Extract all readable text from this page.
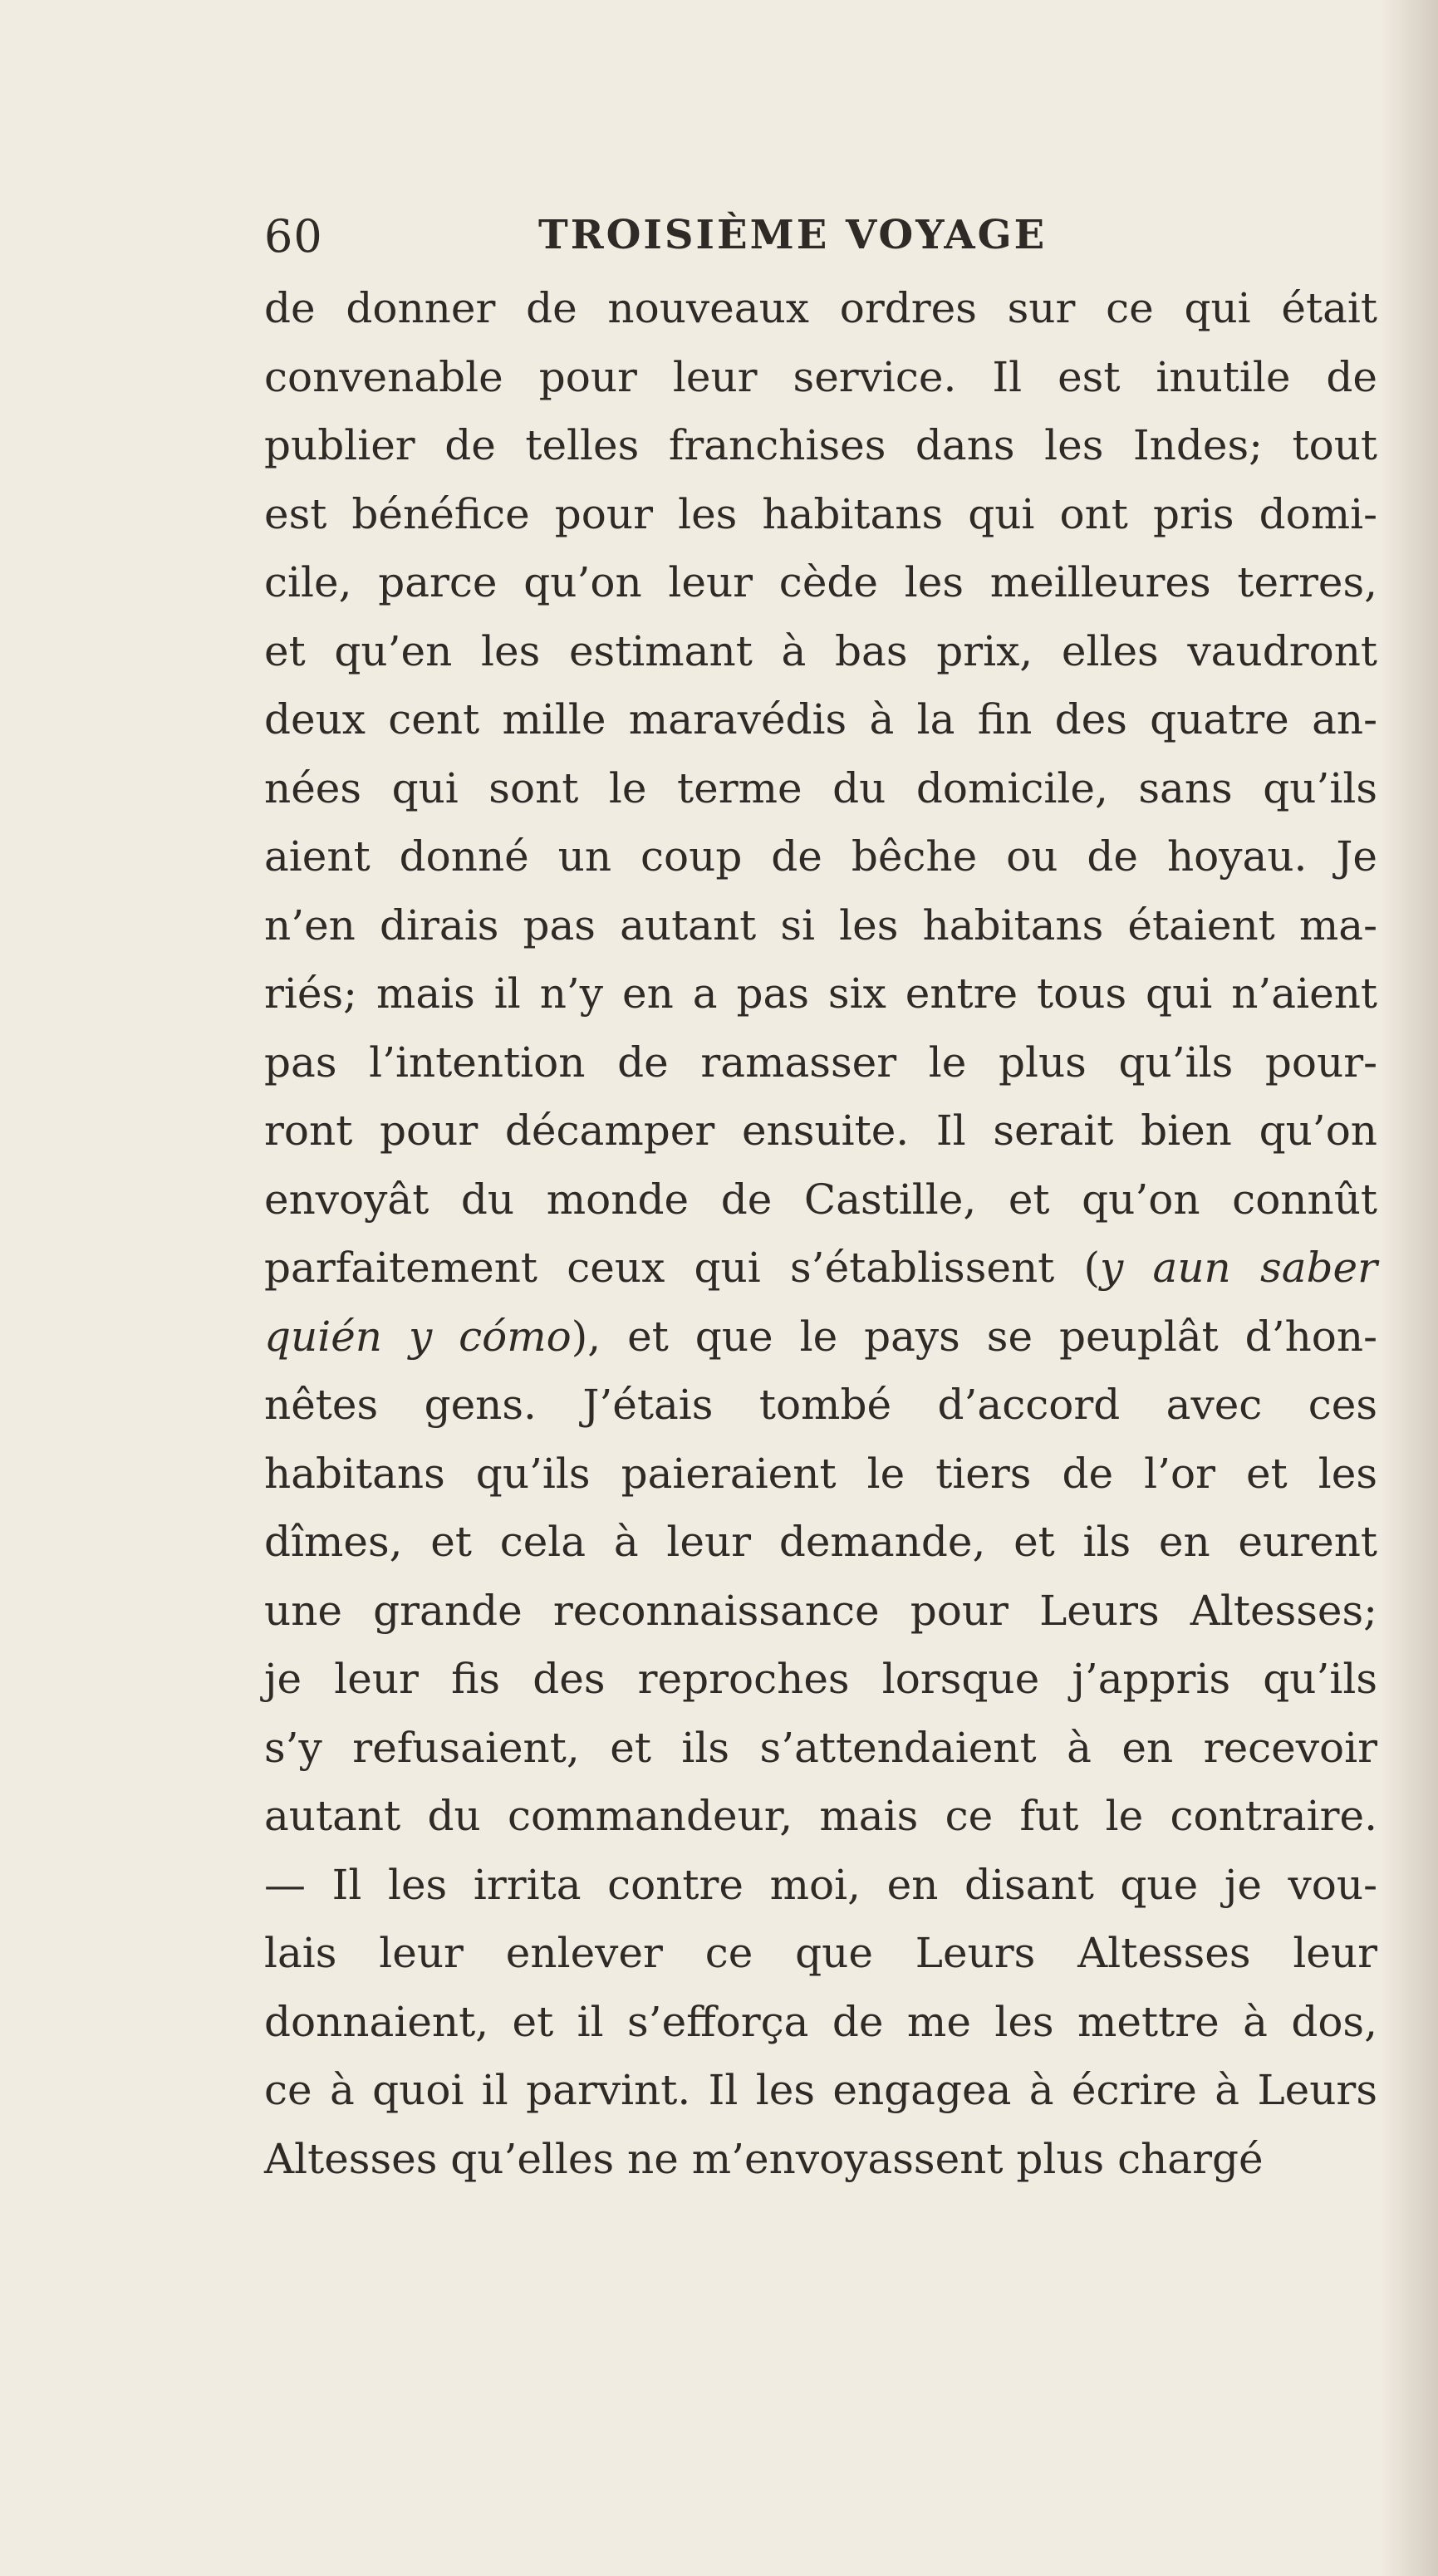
60	TROISIÈME VOYAGE
de donner de nouveaux ordres sur ce qui était
convenable pour leur service. Il est inutile de
publier de telles franchises dans les Indes; tout
est bénéfice pour les habitans qui ont pris domi-
cile, parce qu’on leur cède les meilleures terres,
et qu’en les estimant à bas prix, elles vaudront
deux cent mille maravédis à la fin des quatre an-
nées qui sont le terme du domicile, sans qu’ils
aient donné un coup de bêche ou de hoyau. Je
n’en dirais pas autant si les habitans étaient ma-
riés; mais il n’y en a pas six entre tous qui n’aient
pas l’intention de ramasser le plus qu’ils pour-
ront pour décamper ensuite. Il serait bien qu’on
envoyât du monde de Castille, et qu’on connût
parfaitement ceux qui s’établissent (y aun saber
quién y cómo), et que le pays se peuplât d’hon-
nêtes gens. J’étais tombé d’accord avec ces
habitans qu’ils paieraient le tiers de l’or et les
dîmes, et cela à leur demande, et ils en eurent
une grande reconnaissance pour Leurs Altesses;
je leur fis des reproches lorsque j’appris qu’ils
s’y refusaient, et ils s’attendaient à en recevoir
autant du commandeur, mais ce fut le contraire.
— Il les irrita contre moi, en disant que je vou-
lais leur enlever ce que Leurs Altesses leur
donnaient, et il s’efforça de me les mettre à dos,
ce à quoi il parvint. Il les engagea à écrire à Leurs
Altesses qu’elles ne m’envoyassent plus chargé
